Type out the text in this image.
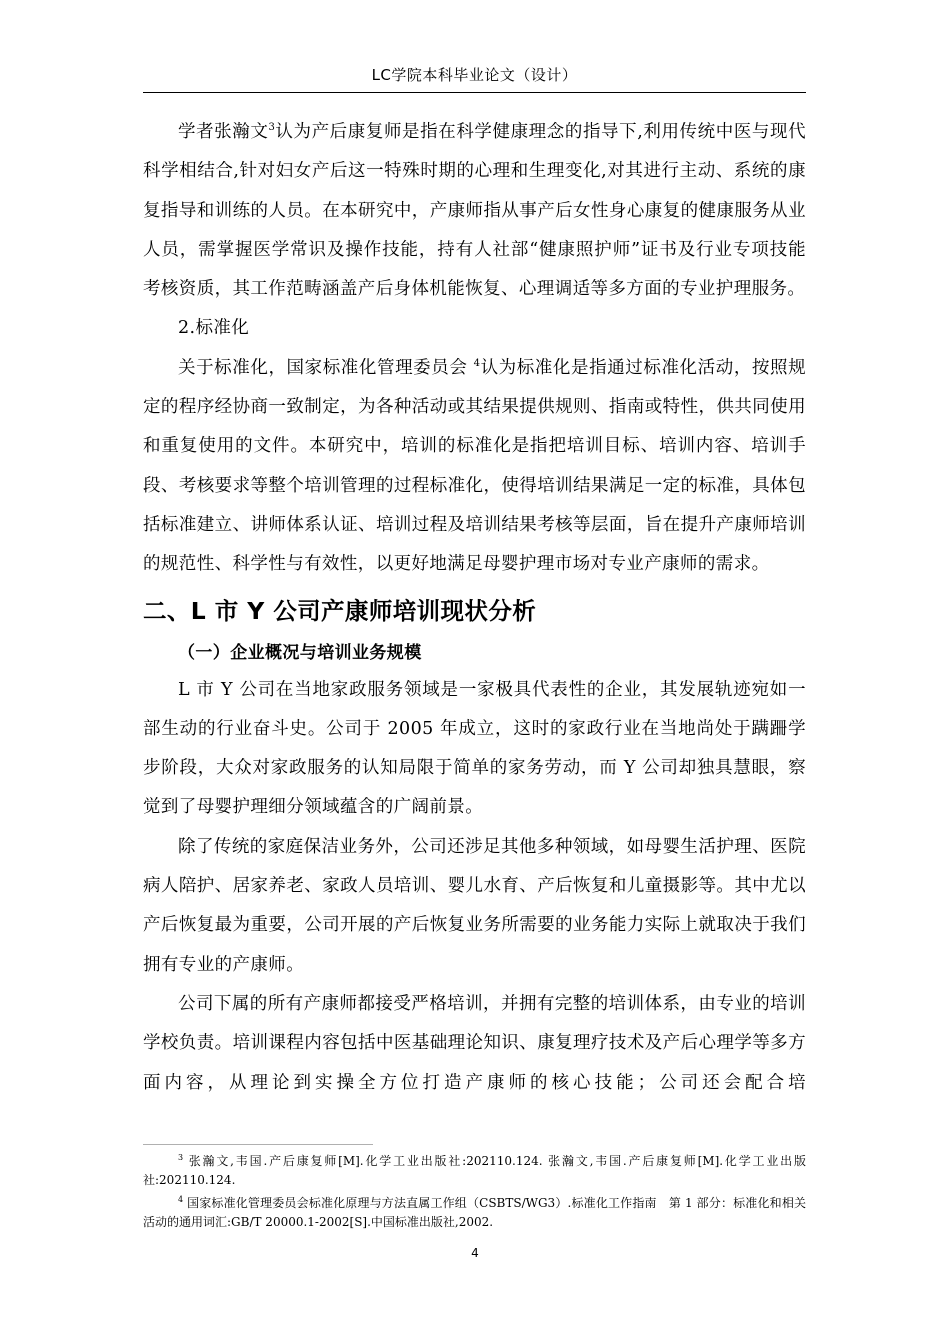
LC学院本科毕业论文（设计）

学者张瀚文$^3$认为产后康复师是指在科学健康理念的指导下,利用传统中医与现代科学相结合,针对妇女产后这一特殊时期的心理和生理变化,对其进行主动、系统的康复指导和训练的人员。在本研究中，产康师指从事产后女性身心康复的健康服务从业人员，需掌握医学常识及操作技能，持有人社部“健康照护师”证书及行业专项技能考核资质，其工作范畴涵盖产后身体机能恢复、心理调适等多方面的专业护理服务。

2.标准化

关于标准化，国家标准化管理委员会 $^4$认为标准化是指通过标准化活动，按照规定的程序经协商一致制定，为各种活动或其结果提供规则、指南或特性，供共同使用和重复使用的文件。本研究中，培训的标准化是指把培训目标、培训内容、培训手段、考核要求等整个培训管理的过程标准化，使得培训结果满足一定的标准，具体包括标准建立、讲师体系认证、培训过程及培训结果考核等层面，旨在提升产康师培训的规范性、科学性与有效性，以更好地满足母婴护理市场对专业产康师的需求。

二、L 市 Y 公司产康师培训现状分析
（一）企业概况与培训业务规模

L 市 Y 公司在当地家政服务领域是一家极具代表性的企业，其发展轨迹宛如一部生动的行业奋斗史。公司于 2005 年成立，这时的家政行业在当地尚处于蹒跚学步阶段，大众对家政服务的认知局限于简单的家务劳动，而 Y 公司却独具慧眼，察觉到了母婴护理细分领域蕴含的广阔前景。

除了传统的家庭保洁业务外，公司还涉足其他多种领域，如母婴生活护理、医院病人陪护、居家养老、家政人员培训、婴儿水育、产后恢复和儿童摄影等。其中尤以产后恢复最为重要，公司开展的产后恢复业务所需要的业务能力实际上就取决于我们拥有专业的产康师。

公司下属的所有产康师都接受严格培训，并拥有完整的培训体系，由专业的培训学校负责。培训课程内容包括中医基础理论知识、康复理疗技术及产后心理学等多方面内容，从理论到实操全方位打造产康师的核心技能；公司还会配合培

$^3$ 张瀚文,韦国.产后康复师[M].化学工业出版社:202110.124. 张瀚文,韦国.产后康复师[M].化学工业出版社:202110.124.

$^4$ 国家标准化管理委员会标准化原理与方法直属工作组（CSBTS/WG3）.标准化工作指南　第 1 部分：标准化和相关活动的通用词汇:GB/T 20000.1-2002[S].中国标准出版社,2002.

4
